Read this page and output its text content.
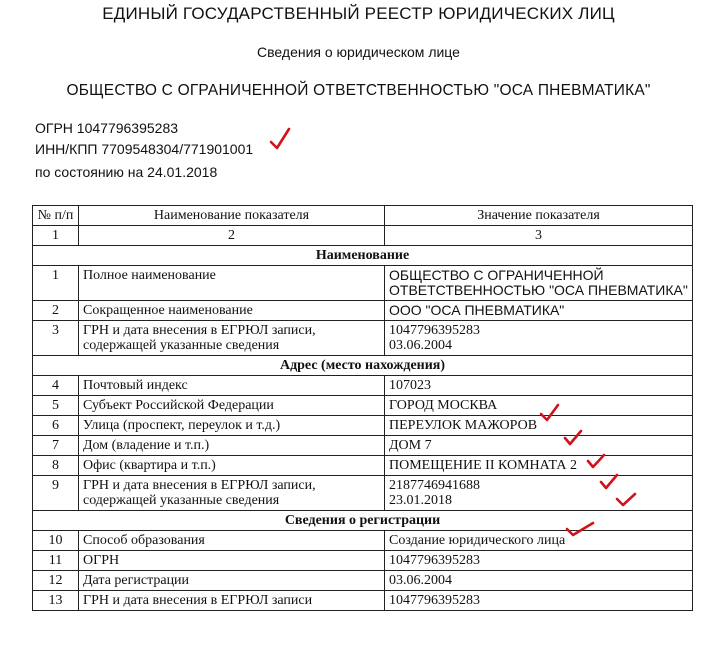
ЕДИНЫЙ ГОСУДАРСТВЕННЫЙ РЕЕСТР ЮРИДИЧЕСКИХ ЛИЦ
Сведения о юридическом лице
ОБЩЕСТВО С ОГРАНИЧЕННОЙ ОТВЕТСТВЕННОСТЬЮ "ОСА ПНЕВМАТИКА"
ОГРН 1047796395283
ИНН/КПП 7709548304/771901001
по состоянию на 24.01.2018
№ п/п	Наименование показателя	Значение показателя
1	2	3
Наименование		
1	Полное наименование	ОБЩЕСТВО С ОГРАНИЧЕННОЙ ОТВЕТСТВЕННОСТЬЮ "ОСА ПНЕВМАТИКА"
2	Сокращенное наименование	ООО "ОСА ПНЕВМАТИКА"
3	ГРН и дата внесения в ЕГРЮЛ записи, содержащей указанные сведения	1047796395283
03.06.2004

Адрес (место нахождения)		
4	Почтовый индекс	107023
5	Субъект Российской Федерации	ГОРОД МОСКВА
6	Улица (проспект, переулок и т.д.)	ПЕРЕУЛОК МАЖОРОВ
7	Дом (владение и т.п.)	ДОМ 7
8	Офис (квартира и т.п.)	ПОМЕЩЕНИЕ II КОМНАТА 2
9	ГРН и дата внесения в ЕГРЮЛ записи, содержащей указанные сведения	2187746941688
23.01.2018

Сведения о регистрации		
10	Способ образования	Создание юридического лица
11	ОГРН	1047796395283
12	Дата регистрации	03.06.2004
13	ГРН и дата внесения в ЕГРЮЛ записи	1047796395283
